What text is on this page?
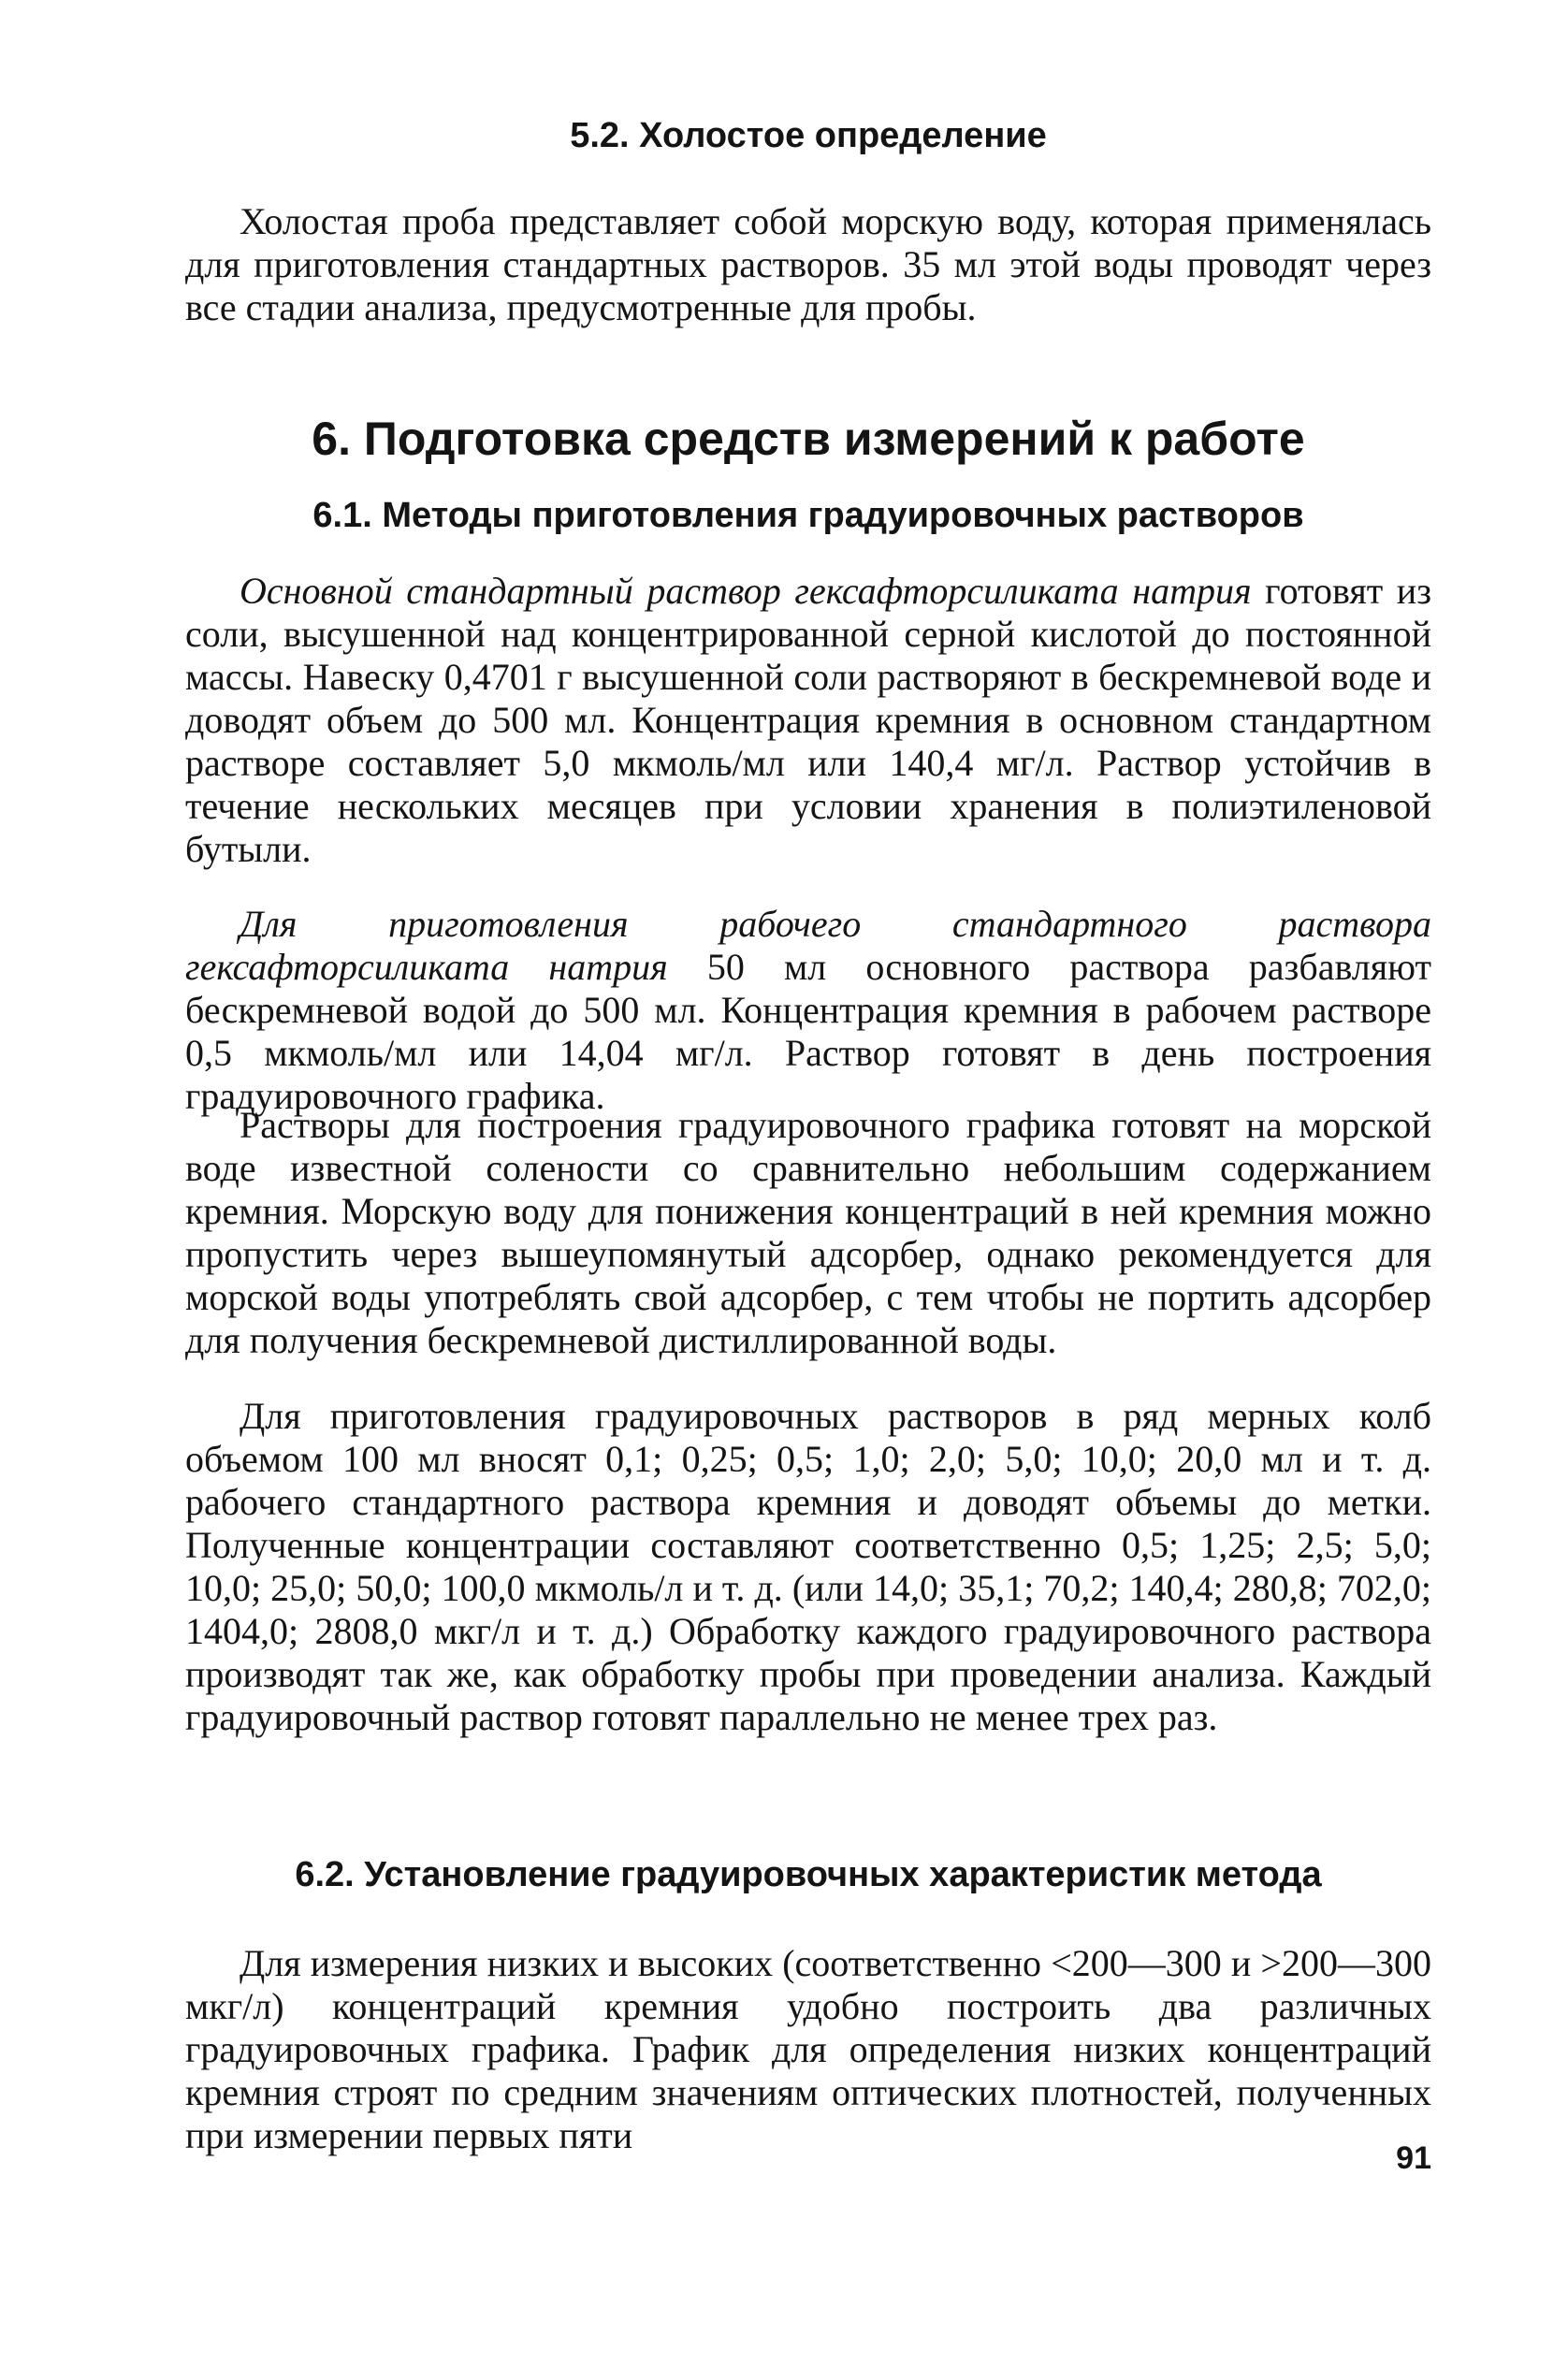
5.2. Холостое определение

Холостая проба представляет собой морскую воду, которая применялась для приготовления стандартных растворов. 35 мл этой воды проводят через все стадии анализа, предусмотренные для пробы.

6. Подготовка средств измерений к работе
6.1. Методы приготовления градуировочных растворов

Основной стандартный раствор гексафторсиликата натрия готовят из соли, высушенной над концентрированной серной кислотой до постоянной массы. Навеску 0,4701 г высушенной соли растворяют в бескремневой воде и доводят объем до 500 мл. Концентрация кремния в основном стандартном растворе составляет 5,0 мкмоль/мл или 140,4 мг/л. Раствор устойчив в течение нескольких месяцев при условии хранения в полиэтиленовой бутыли.

Для приготовления рабочего стандартного раствора гексафторсиликата натрия 50 мл основного раствора разбавляют бескремневой водой до 500 мл. Концентрация кремния в рабочем растворе 0,5 мкмоль/мл или 14,04 мг/л. Раствор готовят в день построения градуировочного графика.

Растворы для построения градуировочного графика готовят на морской воде известной солености со сравнительно небольшим содержанием кремния. Морскую воду для понижения концентраций в ней кремния можно пропустить через вышеупомянутый адсорбер, однако рекомендуется для морской воды употреблять свой адсорбер, с тем чтобы не портить адсорбер для получения бескремневой дистиллированной воды.

Для приготовления градуировочных растворов в ряд мерных колб объемом 100 мл вносят 0,1; 0,25; 0,5; 1,0; 2,0; 5,0; 10,0; 20,0 мл и т. д. рабочего стандартного раствора кремния и доводят объемы до метки. Полученные концентрации составляют соответственно 0,5; 1,25; 2,5; 5,0; 10,0; 25,0; 50,0; 100,0 мкмоль/л и т. д. (или 14,0; 35,1; 70,2; 140,4; 280,8; 702,0; 1404,0; 2808,0 мкг/л и т. д.) Обработку каждого градуировочного раствора производят так же, как обработку пробы при проведении анализа. Каждый градуировочный раствор готовят параллельно не менее трех раз.

6.2. Установление градуировочных характеристик метода

Для измерения низких и высоких (соответственно <200—300 и >200—300 мкг/л) концентраций кремния удобно построить два различных градуировочных графика. График для определения низких концентраций кремния строят по средним значениям оптических плотностей, полученных при измерении первых пяти

91
